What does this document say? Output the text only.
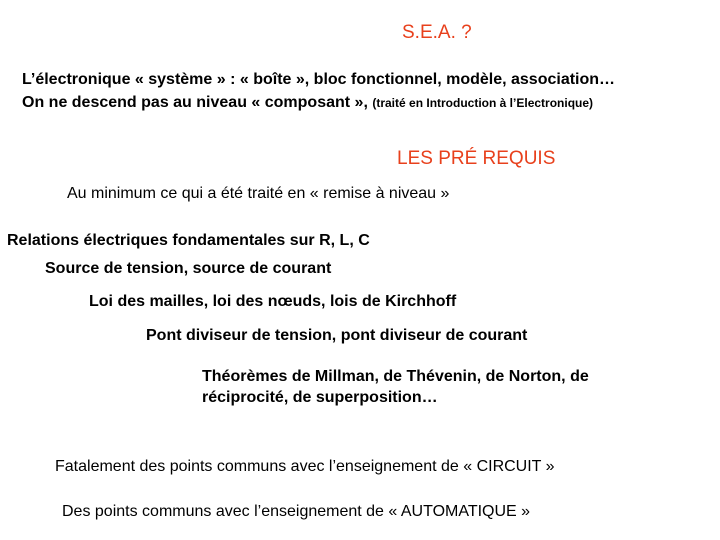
S.E.A. ?
L’électronique « système » : « boîte », bloc fonctionnel, modèle, association…
On ne descend pas au niveau « composant », (traité en Introduction à l’Electronique)
LES PRÉ REQUIS
Au minimum ce qui a été traité en « remise à niveau »
Relations électriques fondamentales sur R, L, C
Source de tension, source de courant
Loi des mailles, loi des nœuds, lois de Kirchhoff
Pont diviseur de tension, pont diviseur de courant
Théorèmes de Millman, de Thévenin, de Norton, de
réciprocité, de superposition…
Fatalement des points communs avec l’enseignement de « CIRCUIT »
Des points communs avec l’enseignement de « AUTOMATIQUE »
